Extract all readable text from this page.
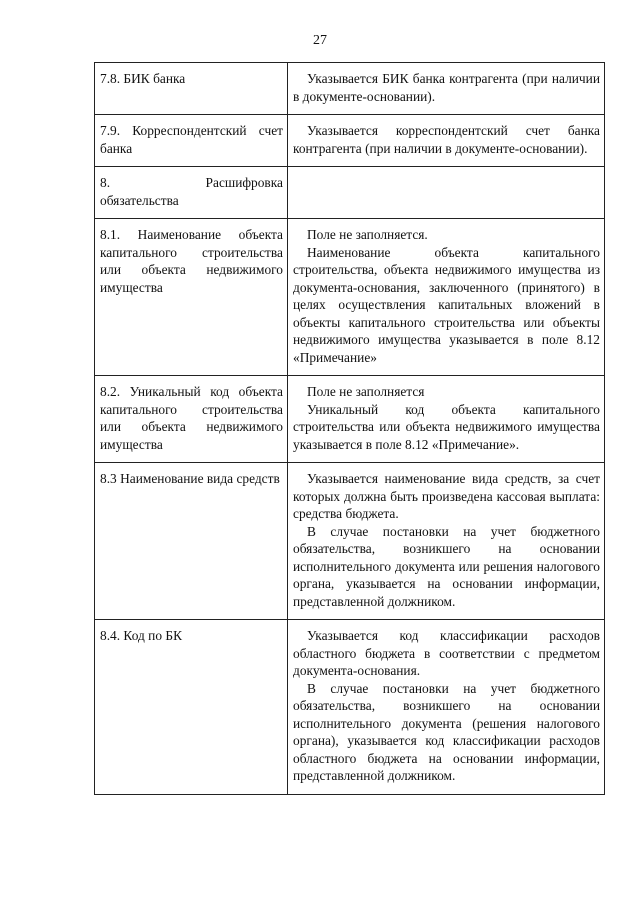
27
7.8. БИК банка	Указывается БИК банка контрагента (при наличии в документе-основании).

7.9. Корреспондентский счет банка	Указывается корреспондентский счет банка контрагента (при наличии в документе-основании).

8. Расшифровка
обязательства	

8.1. Наименование объекта капитального строительства или объекта недвижимого имущества	Поле не заполняется.

Наименование объекта капитального строительства, объекта недвижимого имущества из документа-основания, заключенного (принятого) в целях осуществления капитальных вложений в объекты капитального строительства или объекты недвижимого имущества указывается в поле 8.12 «Примечание»

8.2. Уникальный код объекта капитального строительства или объекта недвижимого имущества	Поле не заполняется

Уникальный код объекта капитального строительства или объекта недвижимого имущества указывается в поле 8.12 «Примечание».

8.3 Наименование вида средств	Указывается наименование вида средств, за счет которых должна быть произведена кассовая выплата: средства бюджета.

В случае постановки на учет бюджетного обязательства, возникшего на основании исполнительного документа или решения налогового органа, указывается на основании информации, представленной должником.

8.4. Код по БК	Указывается код классификации расходов областного бюджета в соответствии с предметом документа-основания.

В случае постановки на учет бюджетного обязательства, возникшего на основании исполнительного документа (решения налогового органа), указывается код классификации расходов областного бюджета на основании информации, представленной должником.
